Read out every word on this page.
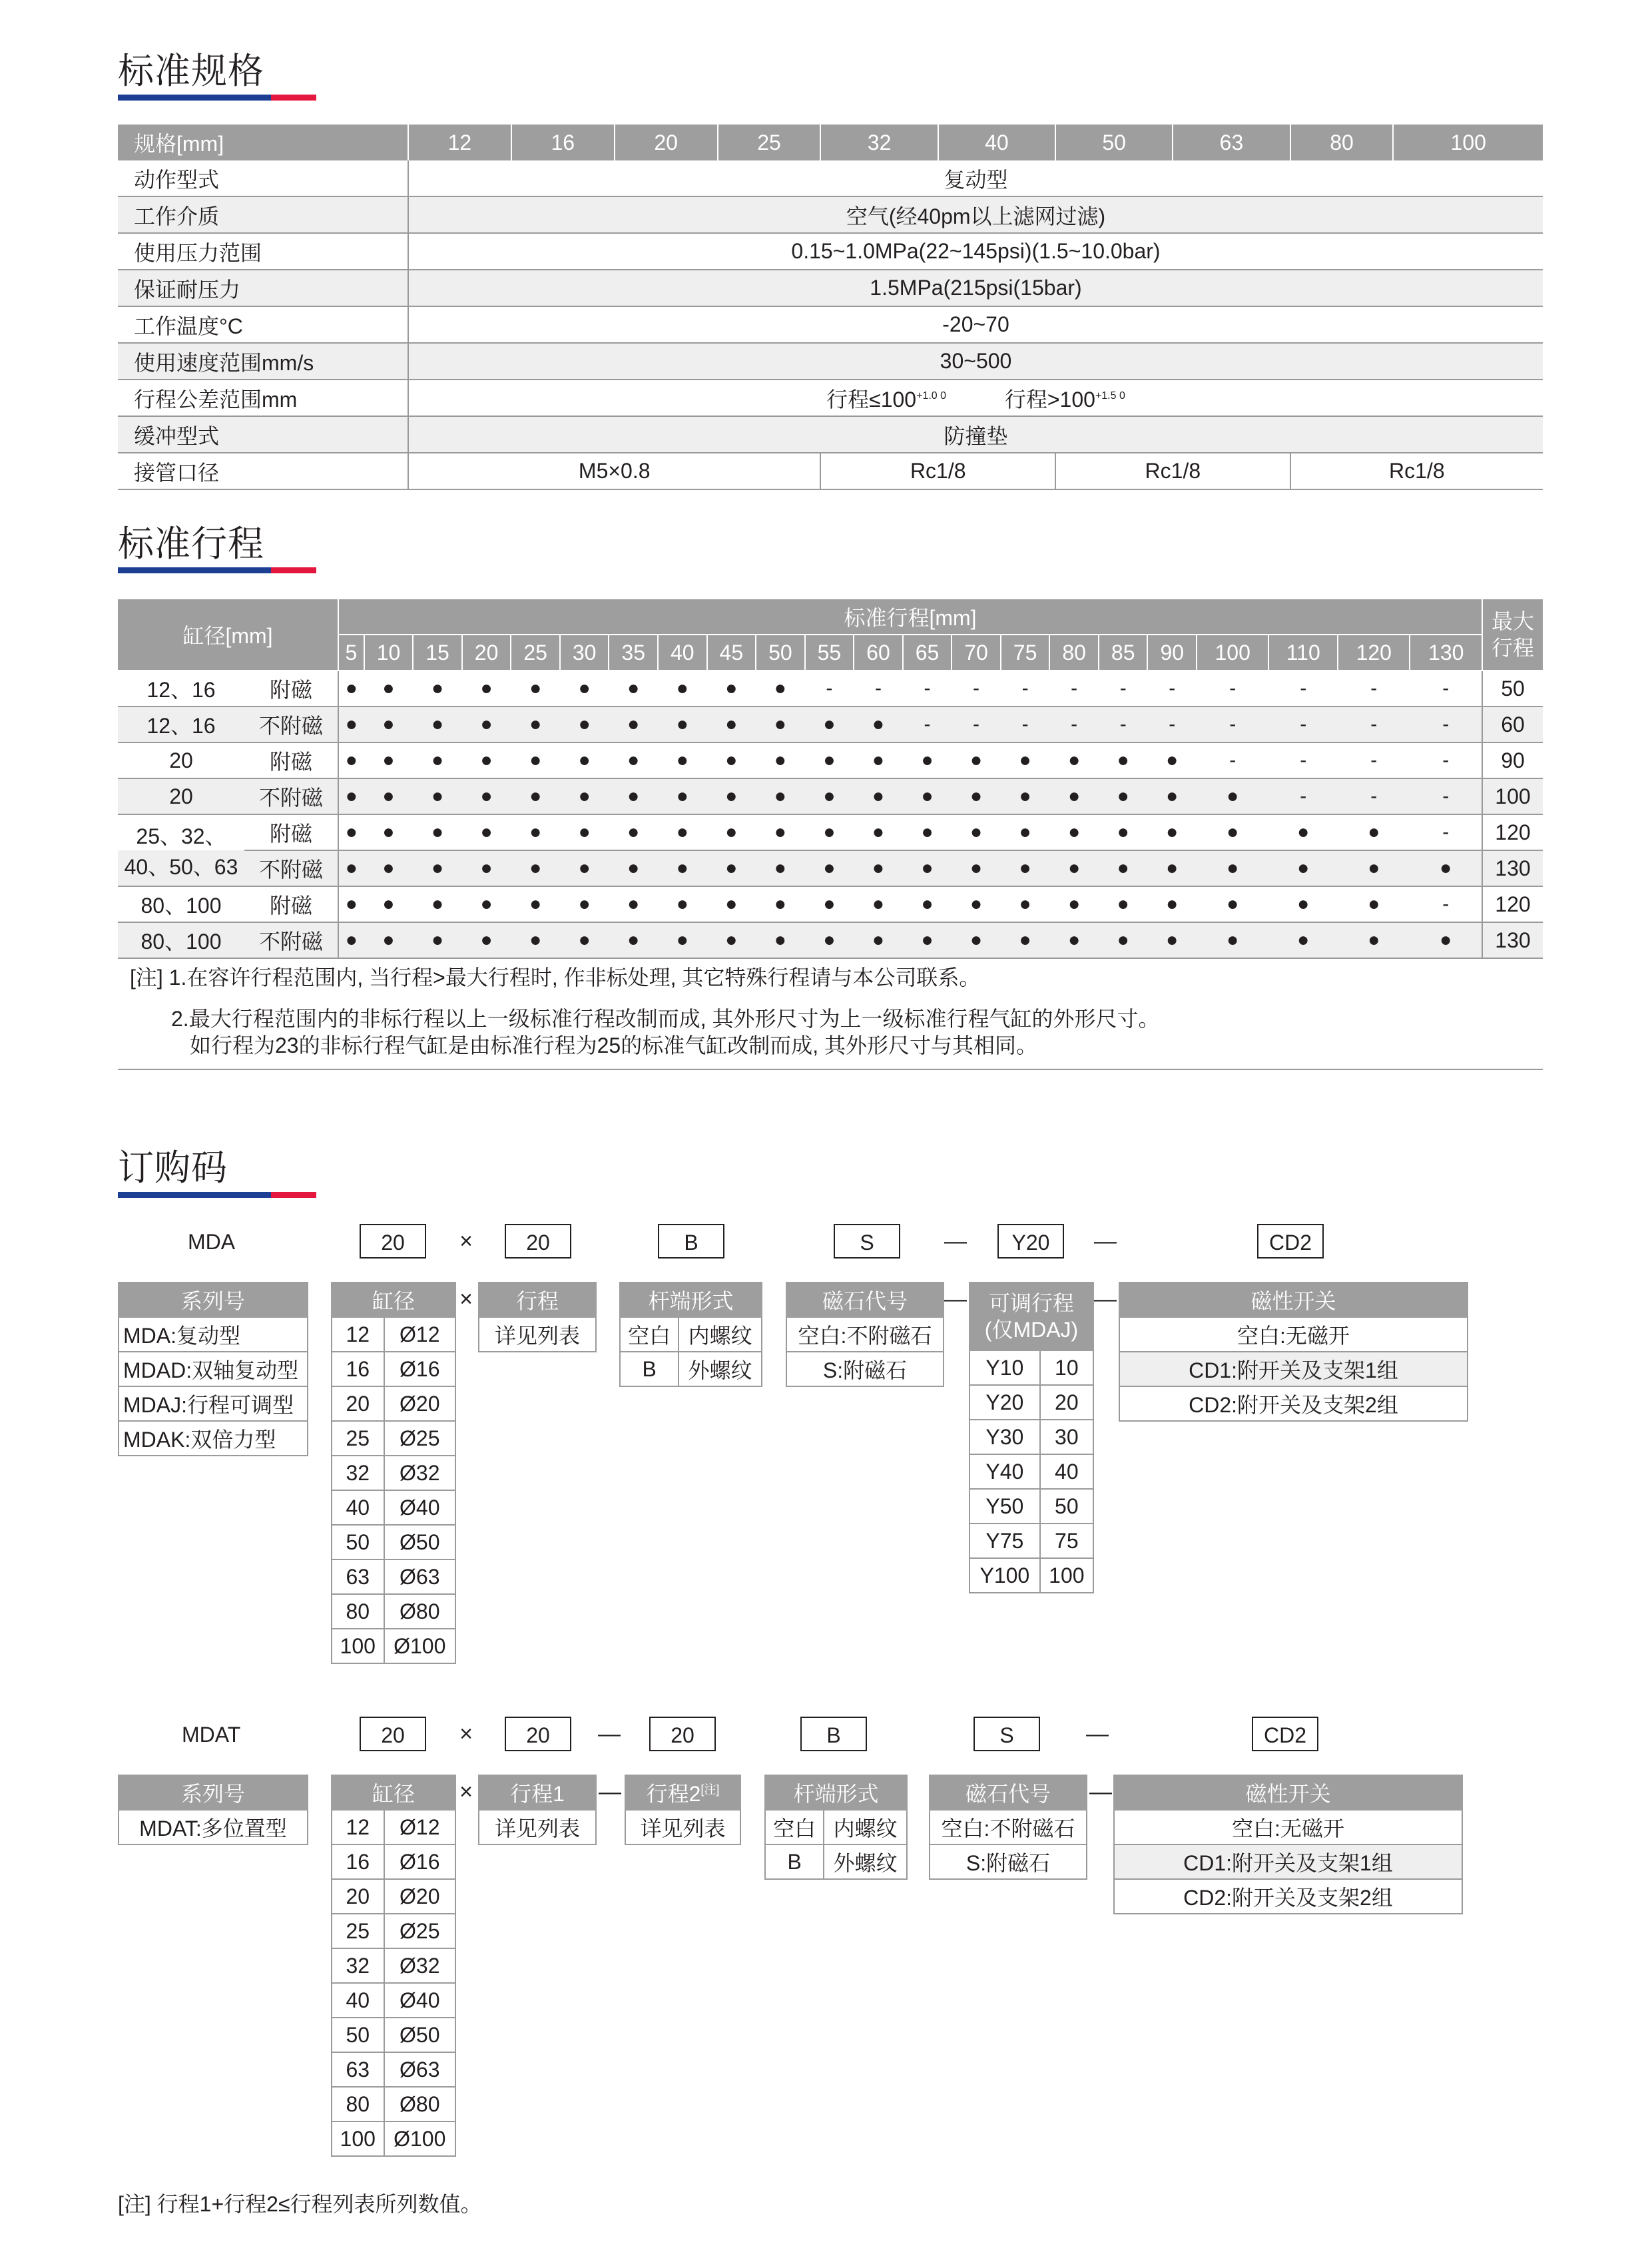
标准规格
规格[mm]	12	16	20	25	32	40	50	63	80	100
动作型式	复动型									
工作介质	空气(经40pm以上滤网过滤)									
使用压力范围	0.15~1.0MPa(22~145psi)(1.5~10.0bar)									
保证耐压力	1.5MPa(215psi(15bar)									
工作温度°C	-20~70									
使用速度范围mm/s	30~500									
行程公差范围mm	行程$\le 100^{+1.0 0}$ 行程$>100^{+1.5 0}$
缓冲型式	防撞垫									
接管口径	M5×0.8				Rc1/8		Rc1/8		Rc1/8	
标准行程
缸径[mm]		标准行程[mm]																						最大
行程
		5	10	15	20	25	30	35	40	45	50	55	60	65	70	75	80	85	90	100	110	120	130	
12、16	附磁	●	●	●	●	●	●	●	●	●	●	-	-	-	-	-	-	-	-	-	-	-	-	50
12、16	不附磁	●	●	●	●	●	●	●	●	●	●	●	●	-	-	-	-	-	-	-	-	-	-	60
20	附磁	●	●	●	●	●	●	●	●	●	●	●	●	●	●	●	●	●	●	-	-	-	-	90
20	不附磁	●	●	●	●	●	●	●	●	●	●	●	●	●	●	●	●	●	●	●	-	-	-	100
25、32、	附磁	●	●	●	●	●	●	●	●	●	●	●	●	●	●	●	●	●	●	●	●	●	-	120
40、50、63	不附磁	●	●	●	●	●	●	●	●	●	●	●	●	●	●	●	●	●	●	●	●	●	●	130
80、100	附磁	●	●	●	●	●	●	●	●	●	●	●	●	●	●	●	●	●	●	●	●	●	-	120
80、100	不附磁	●	●	●	●	●	●	●	●	●	●	●	●	●	●	●	●	●	●	●	●	●	●	130
[注] 1.在容许行程范围内, 当行程>最大行程时, 作非标处理, 其它特殊行程请与本公司联系。
2.最大行程范围内的非标行程以上一级标准行程改制而成, 其外形尺寸为上一级标准行程气缸的外形尺寸。
如行程为23的非标行程气缸是由标准行程为25的标准气缸改制而成, 其外形尺寸与其相同。
订购码
MDA	20	×	20	B	S	—	Y20	—	CD2
系列号
MDA:复动型
MDAD:双轴复动型
MDAJ:行程可调型
MDAK:双倍力型
缸径	
12	Ø12
16	Ø16
20	Ø20
25	Ø25
32	Ø32
40	Ø40
50	Ø50
63	Ø63
80	Ø80
100	Ø100
×	行程
详见列表
杆端形式	
空白	内螺纹
B	外螺纹
磁石代号
空白:不附磁石
S:附磁石
— 可调行程
(仅MDAJ)	
Y10	10
Y20	20
Y30	30
Y40	40
Y50	50
Y75	75
Y100	100
—	磁性开关
空白:无磁开
CD1:附开关及支架1组
CD2:附开关及支架2组
MDAT	20	×	20	—	20	B	S	—	CD2
系列号
MDAT:多位置型
缸径	
12	Ø12
16	Ø16
20	Ø20
25	Ø25
32	Ø32
40	Ø40
50	Ø50
63	Ø63
80	Ø80
100	Ø100
×	行程1
详见列表
— 行程2[注]
详见列表
杆端形式	
空白	内螺纹
B	外螺纹
磁石代号
空白:不附磁石
S:附磁石
—	磁性开关
空白:无磁开
CD1:附开关及支架1组
CD2:附开关及支架2组
[注] 行程1+行程2≤行程列表所列数值。
